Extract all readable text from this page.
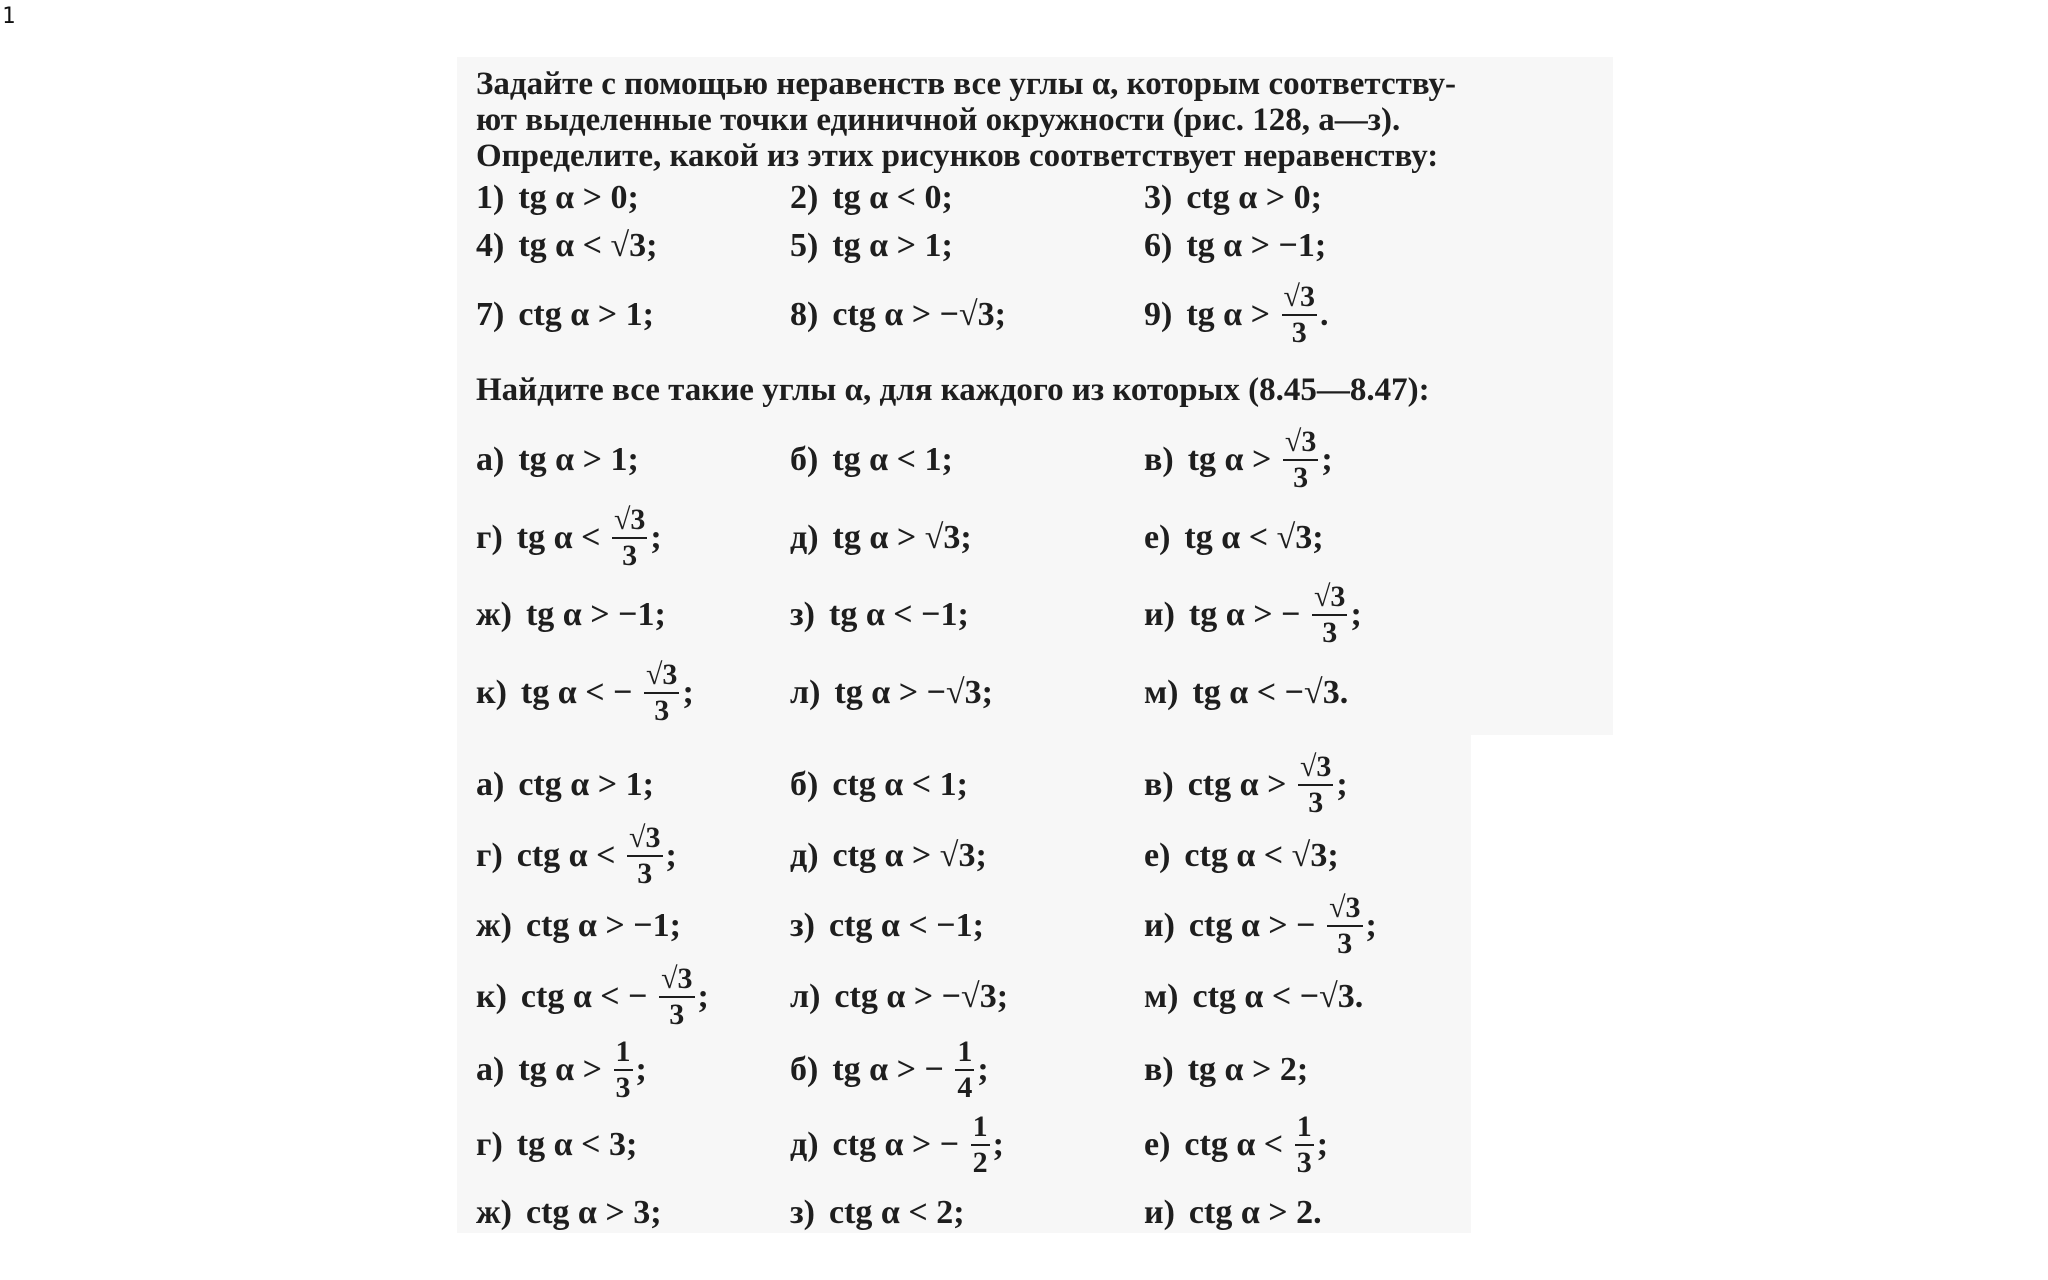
1
Задайте с помощью неравенств все углы α, которым соответству-
ют выделенные точки единичной окружности (рис. 128, а—з).
Определите, какой из этих рисунков соответствует неравенству:
Найдите все такие углы α, для каждого из которых (8.45—8.47):
1) tg α > 0;	2) tg α < 0;	3) ctg α > 0;
4) tg α < √3;	5) tg α > 1;	6) tg α > −1;
7) ctg α > 1;	8) ctg α > −√3;	9) tg $\alpha > \frac{√3}{3}$ .
а) tg α > 1;	б) tg α < 1;	в) tg $\alpha > \frac{√3}{3}$ ;
г) tg $\alpha < \frac{√3}{3}$ ;	д) tg α > √3;	е) tg α < √3;
ж) tg α > −1;	з) tg α < −1;	и) tg α > − $\frac{√3}{3}$ ;
к) tg α < − $\frac{√3}{3}$ ;	л) tg α > −√3;	м) tg α < −√3.
а) ctg α > 1;	б) ctg α < 1;	в) ctg $\alpha > \frac{√3}{3}$ ;
г) ctg $\alpha < \frac{√3}{3}$ ;	д) ctg α > √3;	е) ctg α < √3;
ж) ctg α > −1;	з) ctg α < −1;	и) ctg α > − $\frac{√3}{3}$ ;
к) ctg α < − $\frac{√3}{3}$ ; л) ctg α > −√3;	м) ctg α < −√3.
а) tg $\alpha > \frac{1}{3}$ ;	б) tg α > − $\frac{1}{4}$ ;	в) tg α > 2;
г) tg α < 3;	д) ctg α > − $\frac{1}{2}$ ;	е) ctg $\alpha < \frac{1}{3}$ ;
ж) ctg α > 3;	з) ctg α < 2;	и) ctg α > 2.
